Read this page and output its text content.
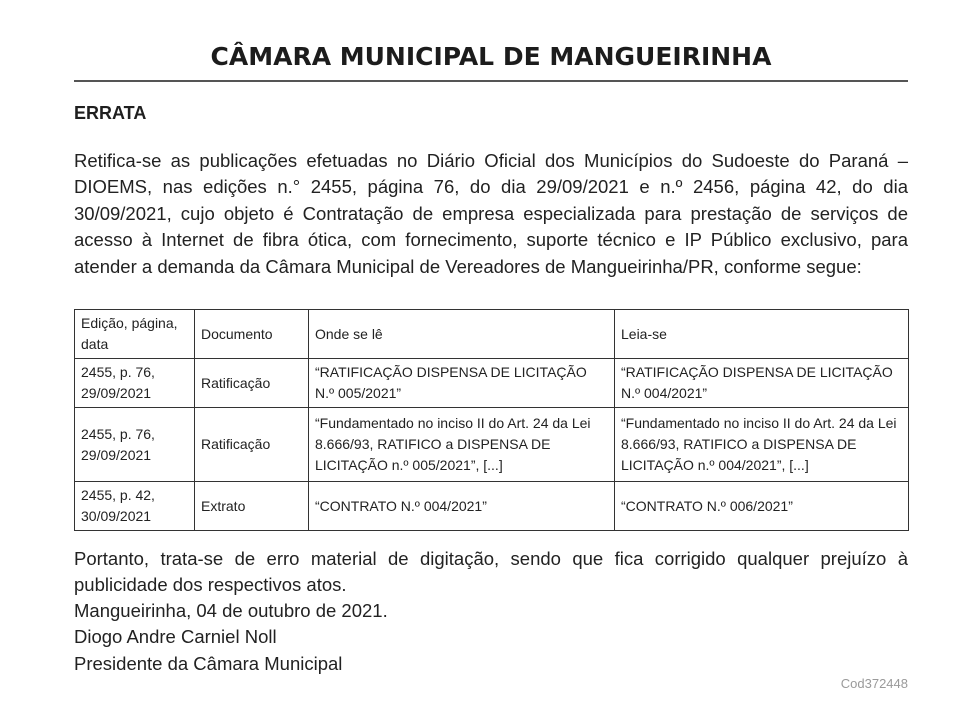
CÂMARA MUNICIPAL DE MANGUEIRINHA
ERRATA

Retifica-se as publicações efetuadas no Diário Oficial dos Municípios do Sudoeste do Paraná – DIOEMS, nas edições n.° 2455, página 76, do dia 29/09/2021 e n.º 2456, página 42, do dia 30/09/2021, cujo objeto é Contratação de empresa especializada para prestação de serviços de acesso à Internet de fibra ótica, com fornecimento, suporte técnico e IP Público exclusivo, para atender a demanda da Câmara Municipal de Vereadores de Mangueirinha/PR, conforme segue:

Edição, página, data	Documento	Onde se lê	Leia-se
2455, p. 76, 29/09/2021	Ratificação	“RATIFICAÇÃO DISPENSA DE LICITAÇÃO N.º 005/2021”	“RATIFICAÇÃO DISPENSA DE LICITAÇÃO N.º 004/2021”
2455, p. 76, 29/09/2021	Ratificação	“Fundamentado no inciso II do Art. 24 da Lei 8.666/93, RATIFICO a DISPENSA DE LICITAÇÃO n.º 005/2021”, [...]	“Fundamentado no inciso II do Art. 24 da Lei 8.666/93, RATIFICO a DISPENSA DE LICITAÇÃO n.º 004/2021”, [...]
2455, p. 42, 30/09/2021	Extrato	“CONTRATO N.º 004/2021”	“CONTRATO N.º 006/2021”

Portanto, trata-se de erro material de digitação, sendo que fica corrigido qualquer prejuízo à publicidade dos respectivos atos.

Mangueirinha, 04 de outubro de 2021.
Diogo Andre Carniel Noll
Presidente da Câmara Municipal
Cod372448
